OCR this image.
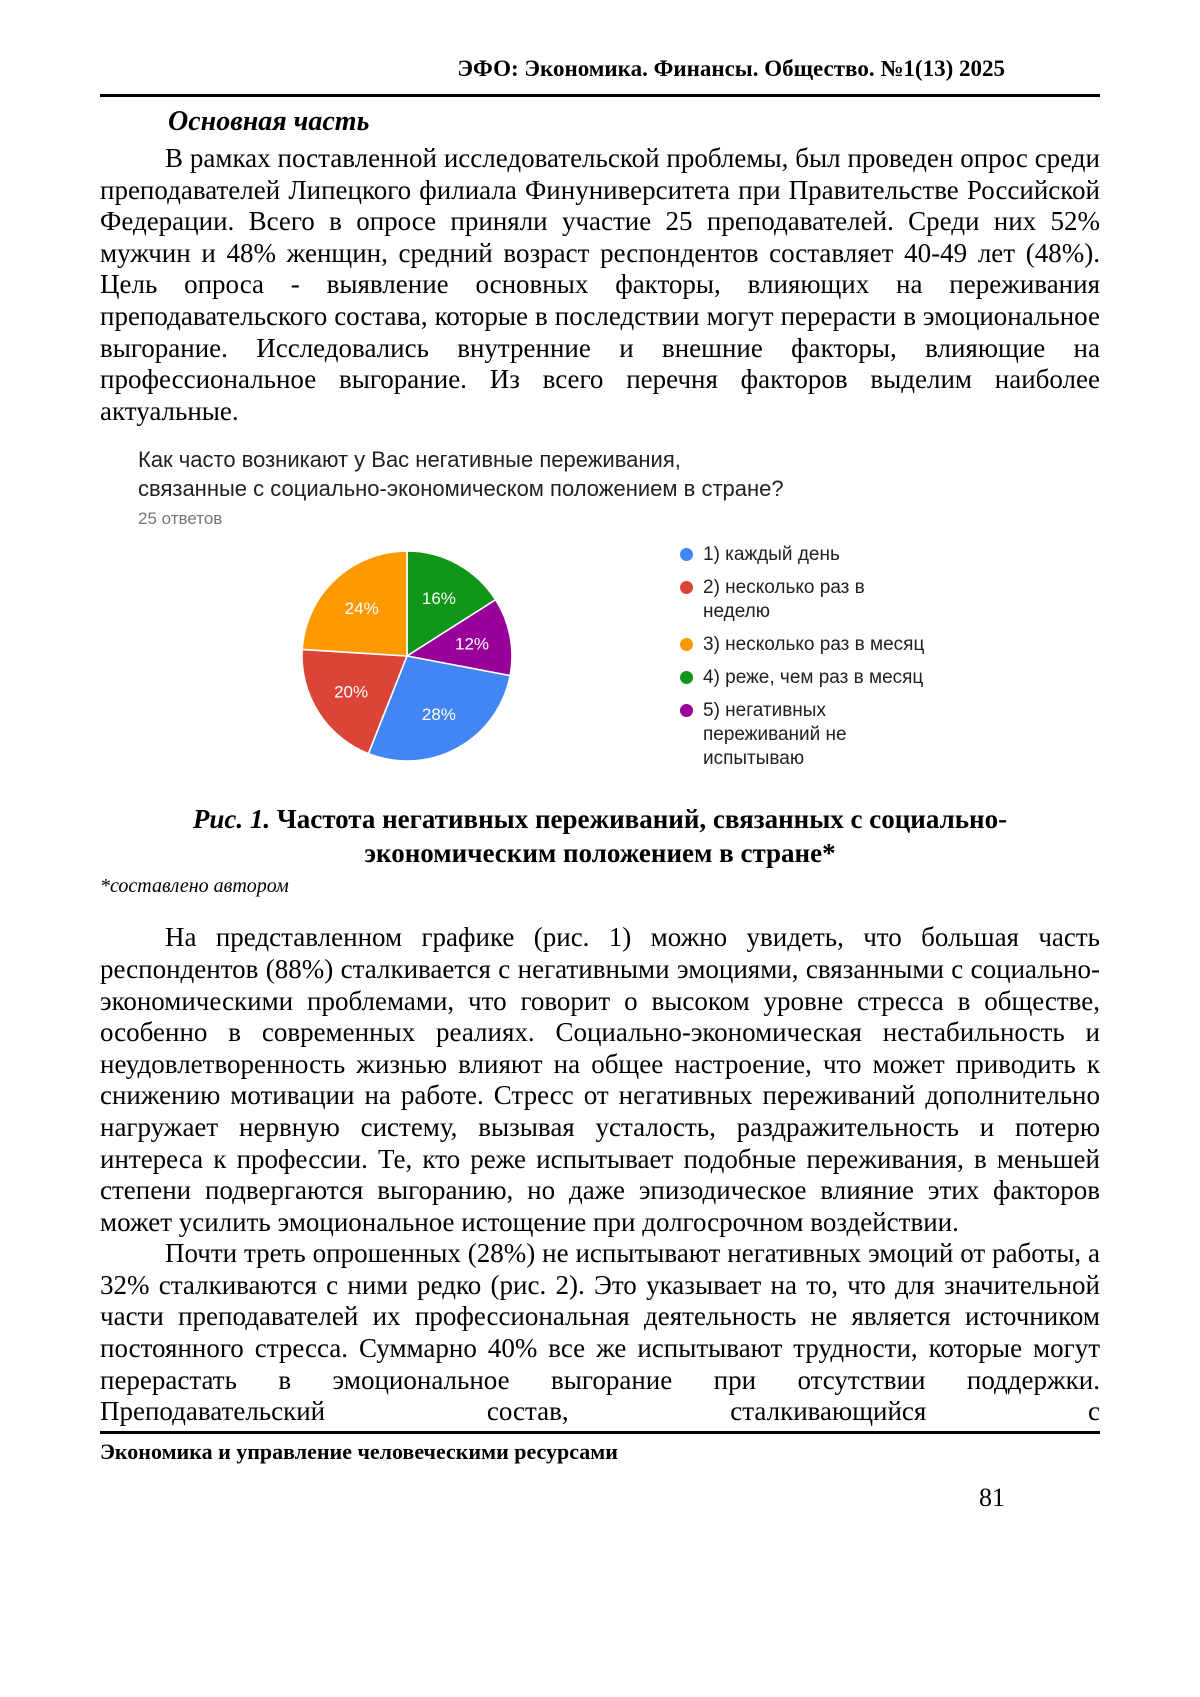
ЭФО: Экономика. Финансы. Общество. №1(13) 2025
Основная часть

В рамках поставленной исследовательской проблемы, был проведен опрос среди преподавателей Липецкого филиала Финуниверситета при Правительстве Российской Федерации. Всего в опросе приняли участие 25 преподавателей. Среди них 52% мужчин и 48% женщин, средний возраст респондентов составляет 40-49 лет (48%). Цель опроса - выявление основных факторы, влияющих на переживания преподавательского состава, которые в последствии могут перерасти в эмоциональное выгорание. Исследовались внутренние и внешние факторы, влияющие на профессиональное выгорание. Из всего перечня факторов выделим наиболее актуальные.

Как часто возникают у Вас негативные переживания, связанные с социально-экономическом положением в стране?
25 ответов
16%
12%
28%
20%
24%
1) каждый день
2) несколько раз в неделю
3) несколько раз в месяц
4) реже, чем раз в месяц
5) негативных переживаний не испытываю
Рис. 1. Частота негативных переживаний, связанных с социально-экономическим положением в стране*
*составлено автором

На представленном графике (рис. 1) можно увидеть, что большая часть респондентов (88%) сталкивается с негативными эмоциями, связанными с социально-экономическими проблемами, что говорит о высоком уровне стресса в обществе, особенно в современных реалиях. Социально-экономическая нестабильность и неудовлетворенность жизнью влияют на общее настроение, что может приводить к снижению мотивации на работе. Стресс от негативных переживаний дополнительно нагружает нервную систему, вызывая усталость, раздражительность и потерю интереса к профессии. Те, кто реже испытывает подобные переживания, в меньшей степени подвергаются выгоранию, но даже эпизодическое влияние этих факторов может усилить эмоциональное истощение при долгосрочном воздействии.

Почти треть опрошенных (28%) не испытывают негативных эмоций от работы, а 32% сталкиваются с ними редко (рис. 2). Это указывает на то, что для значительной части преподавателей их профессиональная деятельность не является источником постоянного стресса. Суммарно 40% все же испытывают трудности, которые могут перерастать в эмоциональное выгорание при отсутствии поддержки. Преподавательский состав, сталкивающийся с

Экономика и управление человеческими ресурсами
81
